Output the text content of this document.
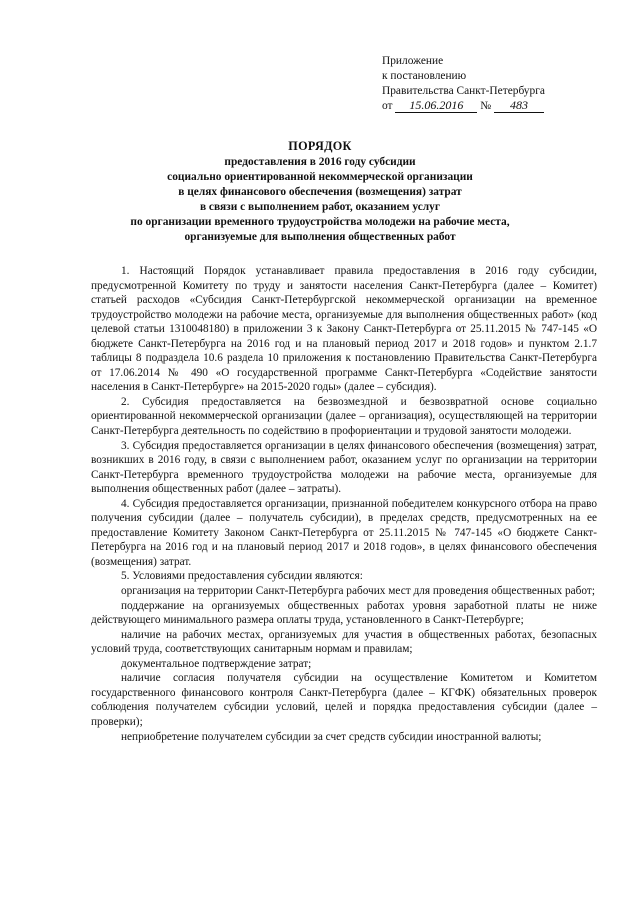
Приложение
к постановлению
Правительства Санкт-Петербурга
от 15.06.2016 № 483
ПОРЯДОК
предоставления в 2016 году субсидии
социально ориентированной некоммерческой организации
в целях финансового обеспечения (возмещения) затрат
в связи с выполнением работ, оказанием услуг
по организации временного трудоустройства молодежи на рабочие места,
организуемые для выполнения общественных работ

1. Настоящий Порядок устанавливает правила предоставления в 2016 году субсидии, предусмотренной Комитету по труду и занятости населения Санкт-Петербурга (далее – Комитет) статьей расходов «Субсидия Санкт-Петербургской некоммерческой организации на временное трудоустройство молодежи на рабочие места, организуемые для выполнения общественных работ» (код целевой статьи 1310048180) в приложении 3 к Закону Санкт-Петербурга от 25.11.2015 № 747-145 «О бюджете Санкт-Петербурга на 2016 год и на плановый период 2017 и 2018 годов» и пунктом 2.1.7 таблицы 8 подраздела 10.6 раздела 10 приложения к постановлению Правительства Санкт-Петербурга от 17.06.2014 № 490 «О государственной программе Санкт-Петербурга «Содействие занятости населения в Санкт-Петербурге» на 2015-2020 годы» (далее – субсидия).

2. Субсидия предоставляется на безвозмездной и безвозвратной основе социально ориентированной некоммерческой организации (далее – организация), осуществляющей на территории Санкт-Петербурга деятельность по содействию в профориентации и трудовой занятости молодежи.

3. Субсидия предоставляется организации в целях финансового обеспечения (возмещения) затрат, возникших в 2016 году, в связи с выполнением работ, оказанием услуг по организации на территории Санкт-Петербурга временного трудоустройства молодежи на рабочие места, организуемые для выполнения общественных работ (далее – затраты).

4. Субсидия предоставляется организации, признанной победителем конкурсного отбора на право получения субсидии (далее – получатель субсидии), в пределах средств, предусмотренных на ее предоставление Комитету Законом Санкт-Петербурга от 25.11.2015 № 747-145 «О бюджете Санкт-Петербурга на 2016 год и на плановый период 2017 и 2018 годов», в целях финансового обеспечения (возмещения) затрат.

5. Условиями предоставления субсидии являются:

организация на территории Санкт-Петербурга рабочих мест для проведения общественных работ;

поддержание на организуемых общественных работах уровня заработной платы не ниже действующего минимального размера оплаты труда, установленного в Санкт-Петербурге;

наличие на рабочих местах, организуемых для участия в общественных работах, безопасных условий труда, соответствующих санитарным нормам и правилам;

документальное подтверждение затрат;

наличие согласия получателя субсидии на осуществление Комитетом и Комитетом государственного финансового контроля Санкт-Петербурга (далее – КГФК) обязательных проверок соблюдения получателем субсидии условий, целей и порядка предоставления субсидии (далее – проверки);

неприобретение получателем субсидии за счет средств субсидии иностранной валюты;
